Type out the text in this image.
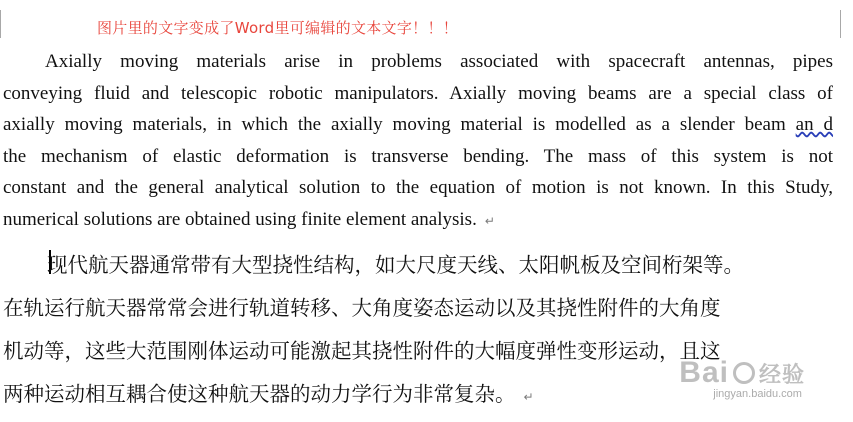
图片里的文字变成了Word里可编辑的文本文字！！！

Axially moving materials arise in problems associated with spacecraft antennas, pipes
conveying fluid and telescopic robotic manipulators. Axially moving beams are a special class of
axially moving materials, in which the axially moving material is modelled as a slender beam an d
the mechanism of elastic deformation is transverse bending. The mass of this system is not
constant and the general analytical solution to the equation of motion is not known. In this Study,
numerical solutions are obtained using finite element analysis. ↵

现代航天器通常带有大型挠性结构，如大尺度天线、太阳帆板及空间桁架等。
在轨运行航天器常常会进行轨道转移、大角度姿态运动以及其挠性附件的大角度
机动等，这些大范围刚体运动可能激起其挠性附件的大幅度弹性变形运动，且这
两种运动相互耦合使这种航天器的动力学行为非常复杂。 ↵

Bai 经验
jingyan.baidu.com
